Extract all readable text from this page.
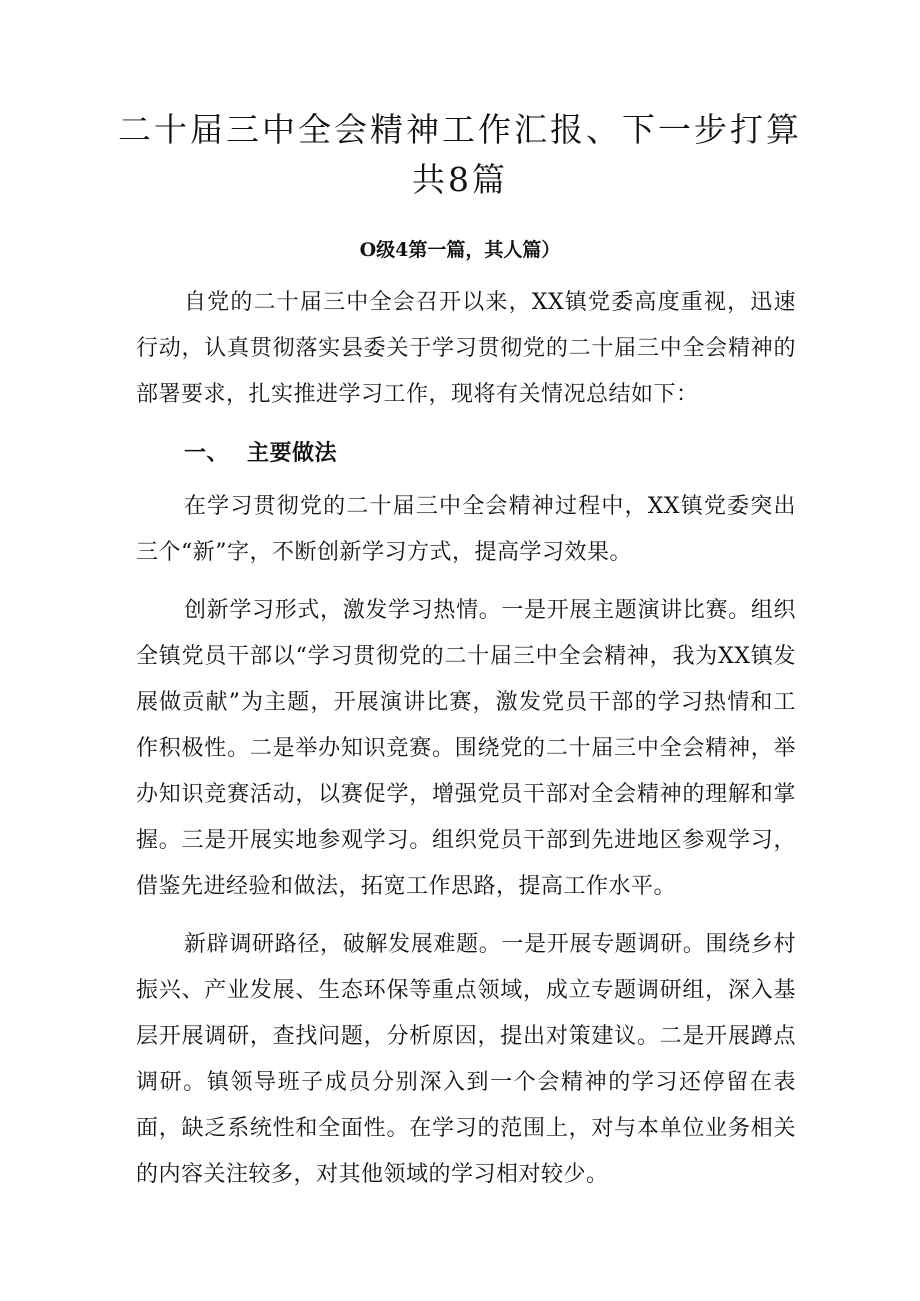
二十届三中全会精神工作汇报、下一步打算
共8篇
O级4第一篇，其人篇）

自党的二十届三中全会召开以来，XX镇党委高度重视，迅速行动，认真贯彻落实县委关于学习贯彻党的二十届三中全会精神的部署要求，扎实推进学习工作，现将有关情况总结如下：

一、 主要做法

在学习贯彻党的二十届三中全会精神过程中，XX镇党委突出三个“新”字，不断创新学习方式，提高学习效果。

创新学习形式，激发学习热情。一是开展主题演讲比赛。组织全镇党员干部以“学习贯彻党的二十届三中全会精神，我为XX镇发展做贡献”为主题，开展演讲比赛，激发党员干部的学习热情和工作积极性。二是举办知识竞赛。围绕党的二十届三中全会精神，举办知识竞赛活动，以赛促学，增强党员干部对全会精神的理解和掌握。三是开展实地参观学习。组织党员干部到先进地区参观学习，借鉴先进经验和做法，拓宽工作思路，提高工作水平。

新辟调研路径，破解发展难题。一是开展专题调研。围绕乡村振兴、产业发展、生态环保等重点领域，成立专题调研组，深入基层开展调研，查找问题，分析原因，提出对策建议。二是开展蹲点调研。镇领导班子成员分别深入到一个会精神的学习还停留在表面，缺乏系统性和全面性。在学习的范围上，对与本单位业务相关的内容关注较多，对其他领域的学习相对较少。
